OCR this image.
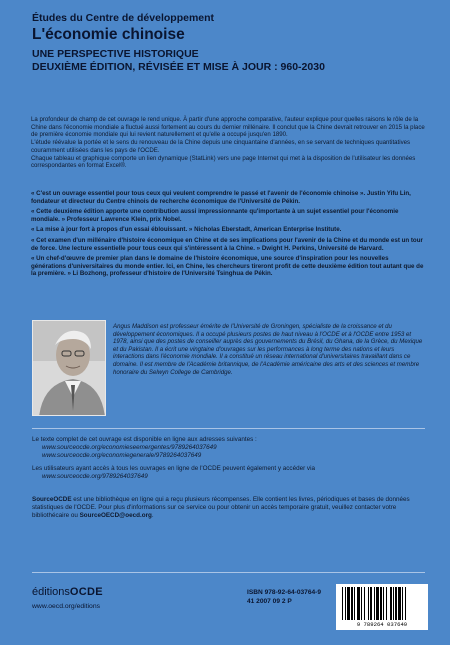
Études du Centre de développement
L'économie chinoise
UNE PERSPECTIVE HISTORIQUE
DEUXIÈME ÉDITION, RÉVISÉE ET MISE À JOUR : 960-2030

La profondeur de champ de cet ouvrage le rend unique. À partir d'une approche comparative, l'auteur explique pour quelles raisons le rôle de la Chine dans l'économie mondiale a fluctué aussi fortement au cours du dernier millénaire. Il conclut que la Chine devrait retrouver en 2015 la place de première économie mondiale qui lui revient naturellement et qu'elle a occupé jusqu'en 1890.

L'étude réévalue la portée et le sens du renouveau de la Chine depuis une cinquantaine d'années, en se servant de techniques quantitatives couramment utilisées dans les pays de l'OCDE.

Chaque tableau et graphique comporte un lien dynamique (StatLink) vers une page Internet qui met à la disposition de l'utilisateur les données correspondantes en format Excel®.

« C'est un ouvrage essentiel pour tous ceux qui veulent comprendre le passé et l'avenir de l'économie chinoise ». Justin Yifu Lin, fondateur et directeur du Centre chinois de recherche économique de l'Université de Pékin.

« Cette deuxième édition apporte une contribution aussi impressionnante qu'importante à un sujet essentiel pour l'économie mondiale. » Professeur Lawrence Klein, prix Nobel.

« La mise à jour fort à propos d'un essai éblouissant. » Nicholas Eberstadt, American Enterprise Institute.

« Cet examen d'un millénaire d'histoire économique en Chine et de ses implications pour l'avenir de la Chine et du monde est un tour de force. Une lecture essentielle pour tous ceux qui s'intéressent à la Chine. » Dwight H. Perkins, Université de Harvard.

« Un chef-d'œuvre de premier plan dans le domaine de l'histoire économique, une source d'inspiration pour les nouvelles générations d'universitaires du monde entier. Ici, en Chine, les chercheurs tireront profit de cette deuxième édition tout autant que de la première. » Li Bozhong, professeur d'histoire de l'Université Tsinghua de Pékin.

Angus Maddison est professeur émérite de l'Université de Groningen, spécialiste de la croissance et du développement économiques. Il a occupé plusieurs postes de haut niveau à l'OCDE et à l'OCDE entre 1953 et 1978, ainsi que des postes de conseiller auprès des gouvernements du Brésil, du Ghana, de la Grèce, du Mexique et du Pakistan. Il a écrit une vingtaine d'ouvrages sur les performances à long terme des nations et leurs interactions dans l'économie mondiale. Il a constitué un réseau international d'universitaires travaillant dans ce domaine. Il est membre de l'Académie britannique, de l'Académie américaine des arts et des sciences et membre honoraire du Selwyn College de Cambridge.
Le texte complet de cet ouvrage est disponible en ligne aux adresses suivantes :
www.sourceocde.org/economieseemergentes/9789264037649
www.sourceocde.org/economiegenerale/9789264037649
Les utilisateurs ayant accès à tous les ouvrages en ligne de l'OCDE peuvent également y accéder via
www.sourceocde.org/9789264037649
SourceOCDE est une bibliothèque en ligne qui a reçu plusieurs récompenses. Elle contient les livres, périodiques et bases de données statistiques de l'OCDE. Pour plus d'informations sur ce service ou pour obtenir un accès temporaire gratuit, veuillez contacter votre bibliothécaire ou SourceOECD@oecd.org.
éditionsOCDE
www.oecd.org/editions
ISBN 978-92-64-03764-9
41 2007 09 2 P
9 789264 037649
